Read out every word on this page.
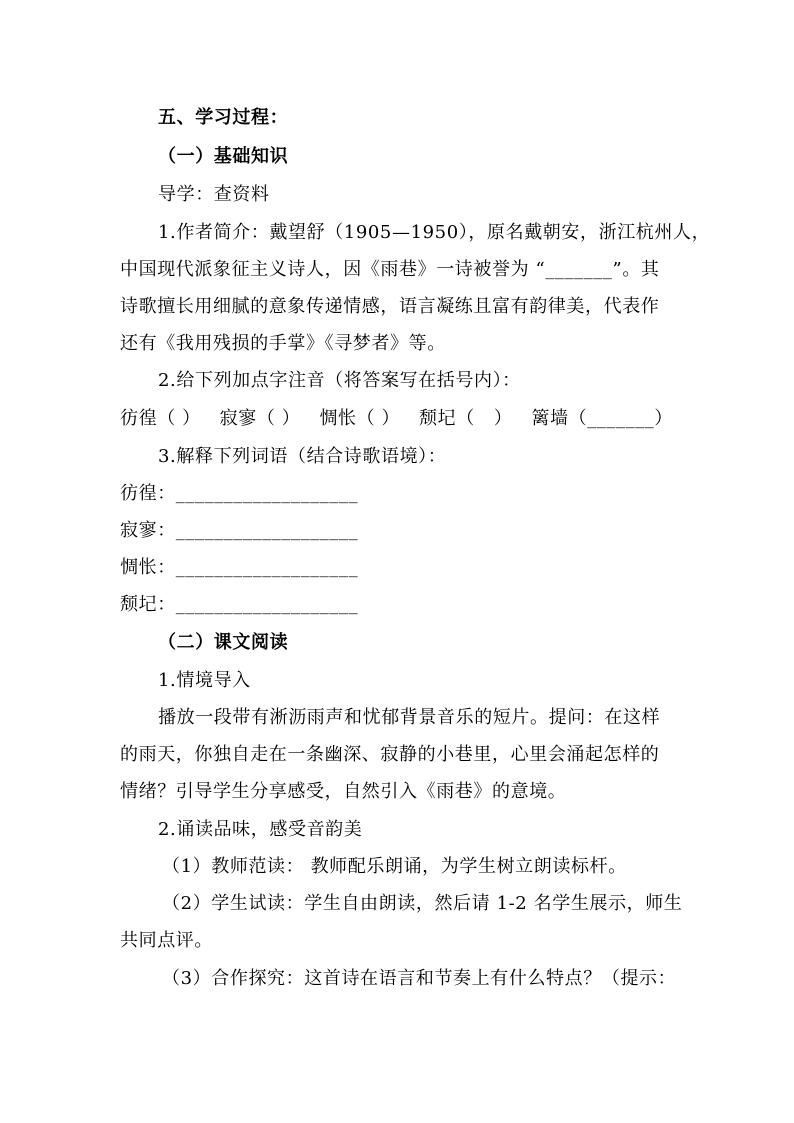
五、学习过程：
（一）基础知识
导学：查资料
1.作者简介：戴望舒（1905—1950），原名戴朝安，浙江杭州人，
中国现代派象征主义诗人，因《雨巷》一诗被誉为 “_______”。其
诗歌擅长用细腻的意象传递情感，语言凝练且富有韵律美，代表作
还有《我用残损的手掌》《寻梦者》等。
2.给下列加点字注音（将答案写在括号内）：
彷徨（ ）   寂寥（ ）   惆怅（ ）   颓圮（   ）   篱墙（_______）
3.解释下列词语（结合诗歌语境）：
彷徨：___________________
寂寥：___________________
惆怅：___________________
颓圮：___________________
（二）课文阅读
1.情境导入
播放一段带有淅沥雨声和忧郁背景音乐的短片。提问：在这样
的雨天，你独自走在一条幽深、寂静的小巷里，心里会涌起怎样的
情绪？引导学生分享感受，自然引入《雨巷》的意境。
2.诵读品味，感受音韵美
（1）教师范读： 教师配乐朗诵，为学生树立朗读标杆。
（2）学生试读：学生自由朗读，然后请 1-2 名学生展示，师生
共同点评。
（3）合作探究：这首诗在语言和节奏上有什么特点？（提示：
